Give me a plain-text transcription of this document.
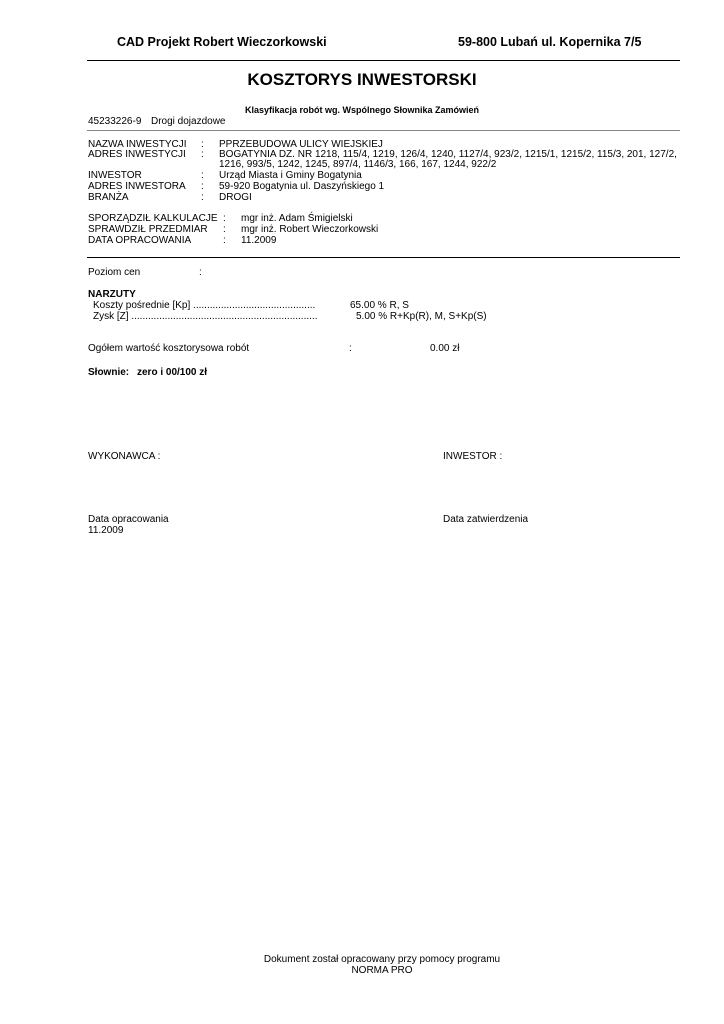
CAD Projekt Robert Wieczorkowski	59-800 Lubań ul. Kopernika 7/5
KOSZTORYS INWESTORSKI
Klasyfikacja robót wg. Wspólnego Słownika Zamówień
45233226-9 Drogi dojazdowe
NAZWA INWESTYCJI : PPRZEBUDOWA ULICY WIEJSKIEJ
ADRES INWESTYCJI : BOGATYNIA DZ. NR 1218, 115/4, 1219, 126/4, 1240, 1127/4, 923/2, 1215/1, 1215/2, 115/3, 201, 127/2,
1216, 993/5, 1242, 1245, 897/4, 1146/3, 166, 167, 1244, 922/2
INWESTOR	: Urząd Miasta i Gminy Bogatynia
ADRES INWESTORA : 59-920 Bogatynia ul. Daszyńskiego 1
BRANŻA	: DROGI
SPORZĄDZIŁ KALKULACJE : mgr inż. Adam Śmigielski
SPRAWDZIŁ PRZEDMIAR : mgr inż. Robert Wieczorkowski
DATA OPRACOWANIA	: 11.2009
Poziom cen	:
NARZUTY
Koszty pośrednie [Kp] ............................................	65.00 % R, S
Zysk [Z] ...................................................................	5.00 % R+Kp(R), M, S+Kp(S)
Ogółem wartość kosztorysowa robót	:	0.00 zł
Słownie: zero i 00/100 zł
WYKONAWCA :	INWESTOR :
Data opracowania
11.2009
Data zatwierdzenia
Dokument został opracowany przy pomocy programu
NORMA PRO
